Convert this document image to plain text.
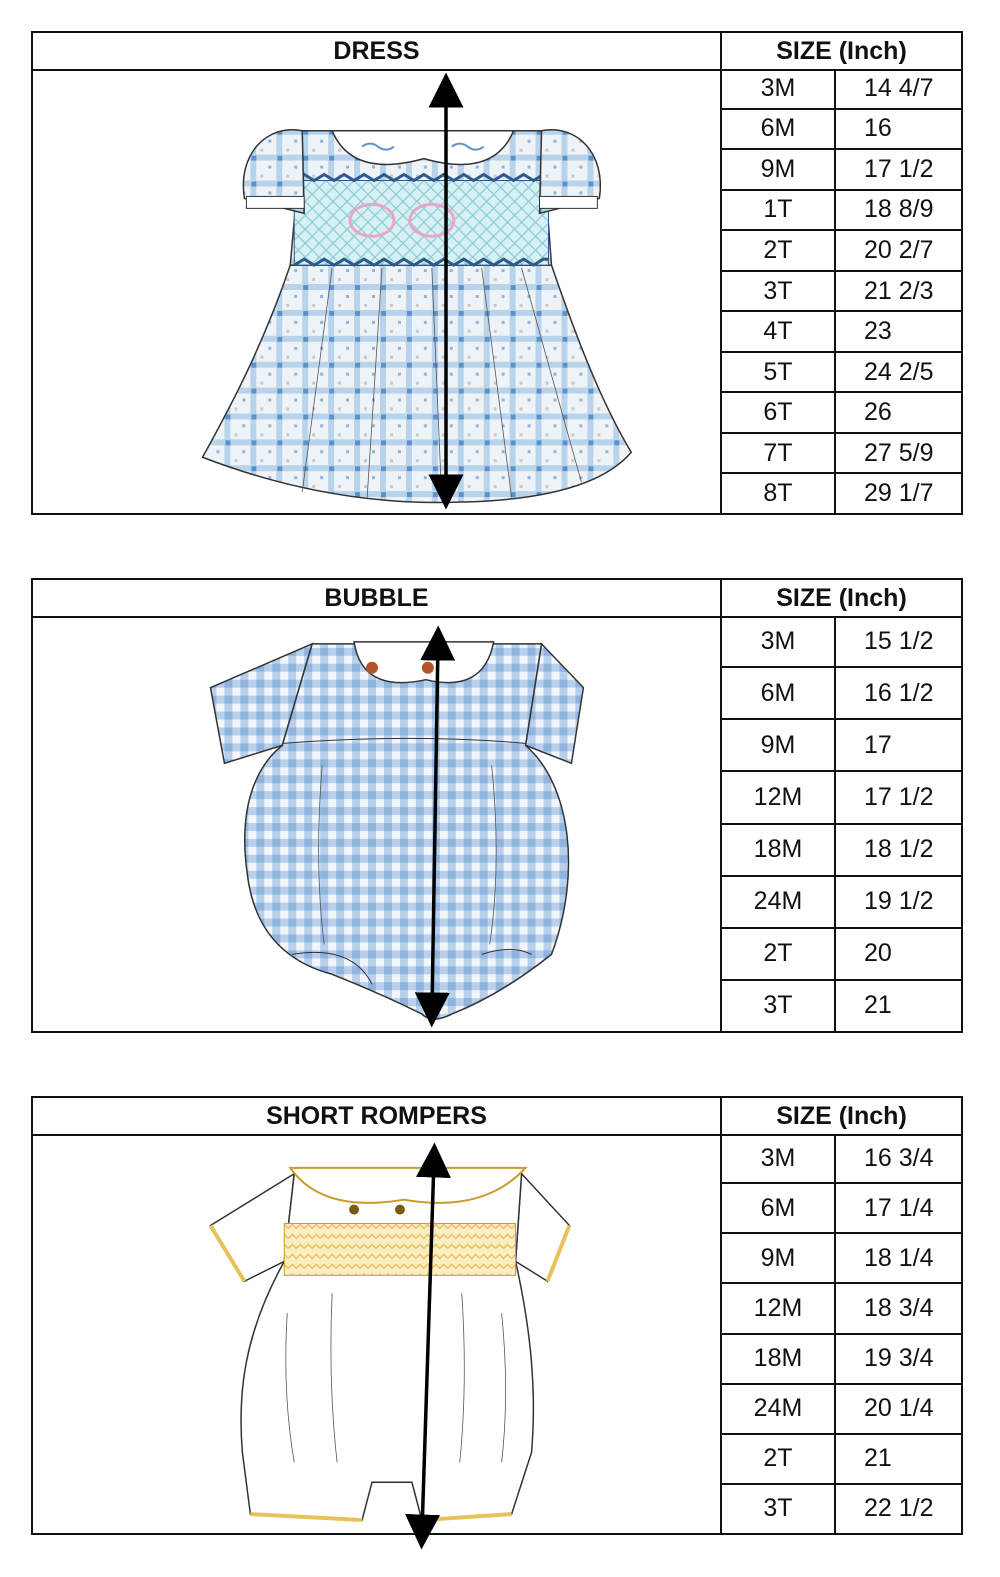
DRESS	SIZE (Inch)
3M	14 4/7
6M	16
9M	17 1/2
1T	18 8/9
2T	20 2/7
3T	21 2/3
4T	23
5T	24 2/5
6T	26
7T	27 5/9
8T	29 1/7
BUBBLE	SIZE (Inch)
3M	15 1/2
6M	16 1/2
9M	17
12M	17 1/2
18M	18 1/2
24M	19 1/2
2T	20
3T	21
SHORT ROMPERS	SIZE (Inch)
3M	16 3/4
6M	17 1/4
9M	18 1/4
12M	18 3/4
18M	19 3/4
24M	20 1/4
2T	21
3T	22 1/2
